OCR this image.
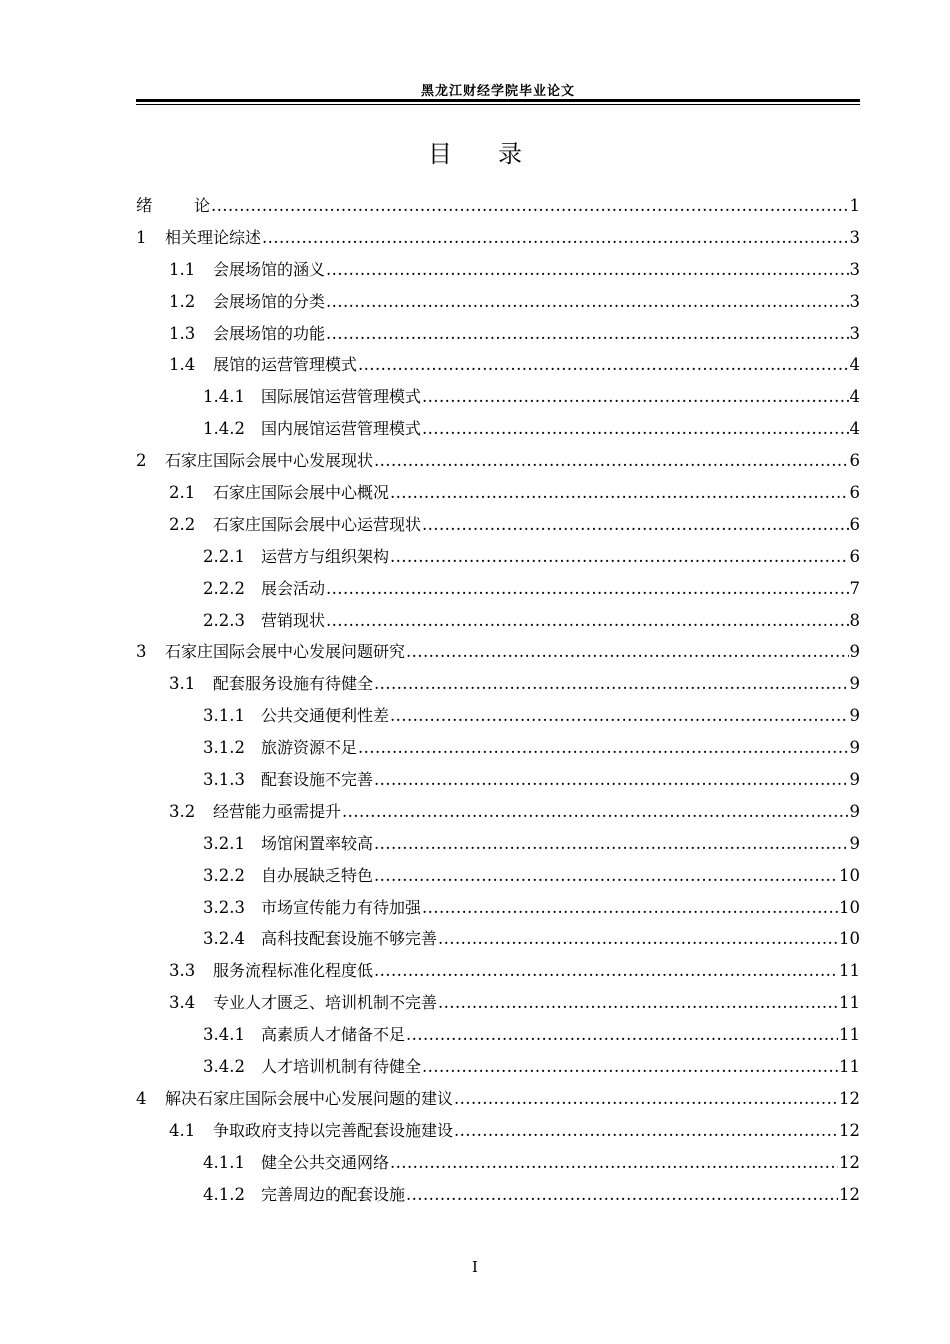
黑龙江财经学院毕业论文
目 录
绪	论 .....	1
1	相关理论综述 .....	3
1.1	会展场馆的涵义 .....	3
1.2	会展场馆的分类 .....	3
1.3	会展场馆的功能 .....	3
1.4	展馆的运营管理模式 .....	4
1.4.1	国际展馆运营管理模式 .....	4
1.4.2	国内展馆运营管理模式 .....	4
2	石家庄国际会展中心发展现状 .....	6
2.1	石家庄国际会展中心概况 .....	6
2.2	石家庄国际会展中心运营现状 .....	6
2.2.1	运营方与组织架构 .....	6
2.2.2	展会活动 .....	7
2.2.3	营销现状 .....	8
3	石家庄国际会展中心发展问题研究 .....	9
3.1	配套服务设施有待健全 .....	9
3.1.1	公共交通便利性差 .....	9
3.1.2	旅游资源不足 .....	9
3.1.3	配套设施不完善 .....	9
3.2	经营能力亟需提升 .....	9
3.2.1	场馆闲置率较高 .....	9
3.2.2	自办展缺乏特色 .....	10
3.2.3	市场宣传能力有待加强 .....	10
3.2.4	高科技配套设施不够完善 .....	10
3.3	服务流程标准化程度低 .....	11
3.4	专业人才匮乏、培训机制不完善 .....	11
3.4.1	高素质人才储备不足 .....	11
3.4.2	人才培训机制有待健全 .....	11
4	解决石家庄国际会展中心发展问题的建议 .....	12
4.1	争取政府支持以完善配套设施建设 .....	12
4.1.1	健全公共交通网络 .....	12
4.1.2	完善周边的配套设施 .....	12
I
